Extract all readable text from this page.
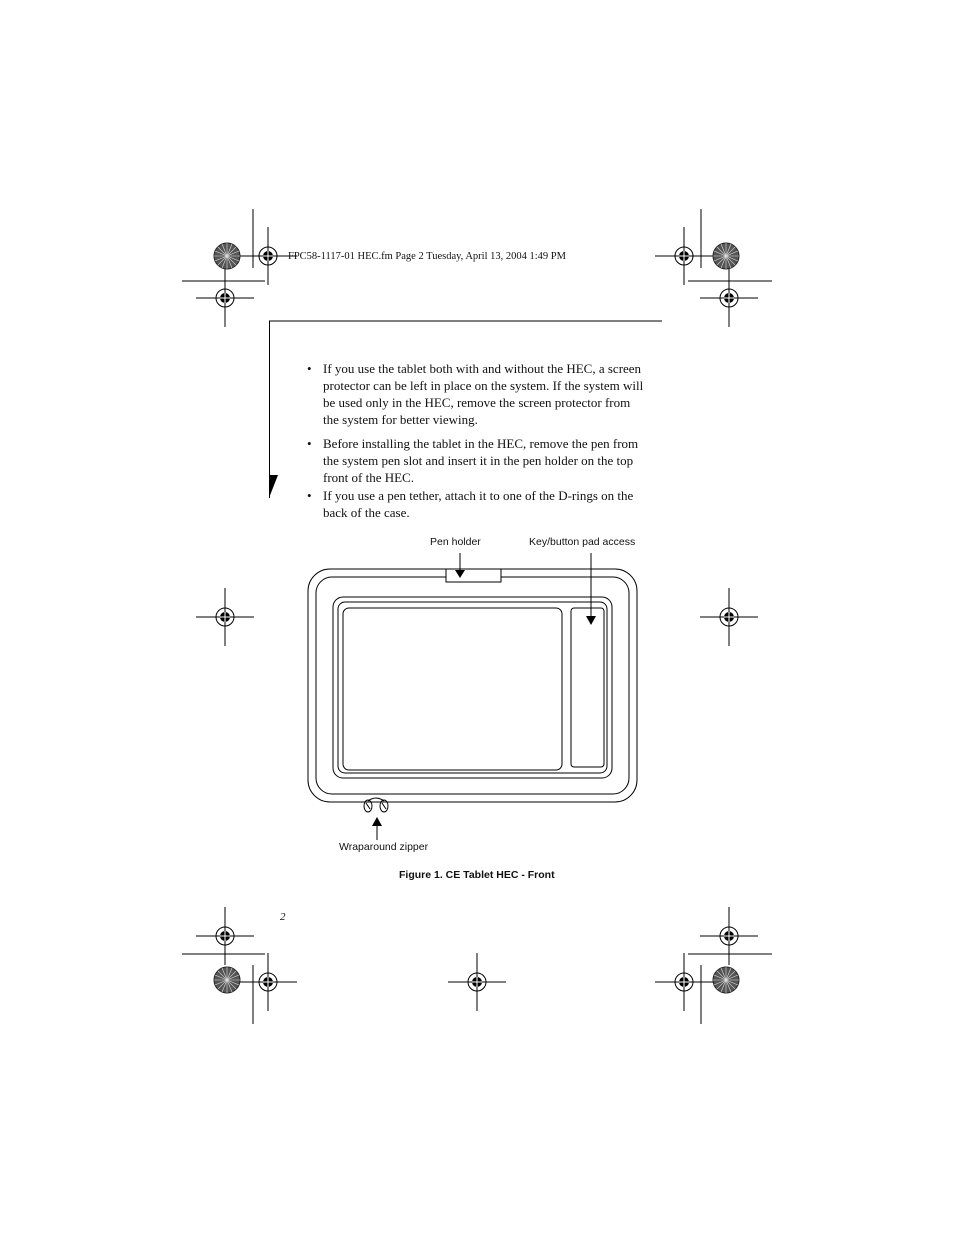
FPC58-1117-01 HEC.fm Page 2 Tuesday, April 13, 2004 1:49 PM
• If you use the tablet both with and without the HEC, a screen protector can be left in place on the system. If the system will be used only in the HEC, remove the screen protector from the system for better viewing.
• Before installing the tablet in the HEC, remove the pen from the system pen slot and insert it in the pen holder on the top front of the HEC.
• If you use a pen tether, attach it to one of the D-rings on the back of the case.
Pen holder	Key/button pad access
Wraparound zipper
Figure 1. CE Tablet HEC - Front
2
